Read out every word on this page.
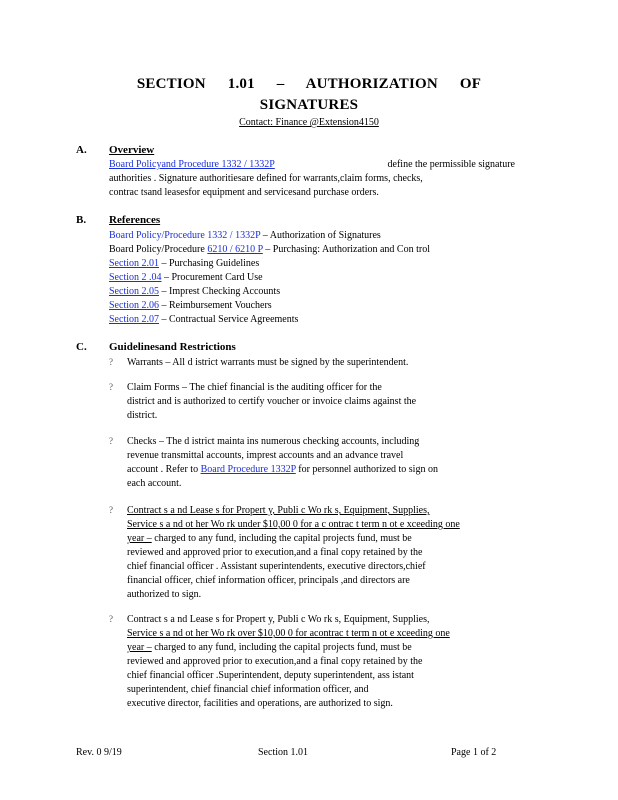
SECTION 1.01 – AUTHORIZATION OF
SIGNATURES
Contact: Finance @Extension4150
A. Overview
Board Policyand Procedure 1332 / 1332P	define the permissible signature
authorities . Signature authoritiesare defined for warrants,claim forms, checks,
contrac tsand leasesfor equipment and servicesand purchase orders.
B. References
Board Policy/Procedure 1332 / 1332P – Authorization of Signatures
Board Policy/Procedure 6210 / 6210 P – Purchasing: Authorization and Con trol
Section 2.01 – Purchasing Guidelines
Section 2 .04 – Procurement Card Use
Section 2.05 – Imprest Checking Accounts
Section 2.06 – Reimbursement Vouchers
Section 2.07 – Contractual Service Agreements
C. Guidelinesand Restrictions
? Warrants – All d istrict warrants must be signed by the superintendent.
? Claim Forms – The chief financial is the auditing officer for the
district and is authorized to certify voucher or invoice claims against the
district.
? Checks – The d istrict mainta ins numerous checking accounts, including
revenue transmittal accounts, imprest accounts and an advance travel
account . Refer to Board Procedure 1332P for personnel authorized to sign on
each account.
? Contract s a nd Lease s for Propert y, Publi c Wo rk s, Equipment, Supplies,
Service s a nd ot her Wo rk under $10,00 0 for a c ontrac t term n ot e xceeding one
year – charged to any fund, including the capital projects fund, must be
reviewed and approved prior to execution,and a final copy retained by the
chief financial officer . Assistant superintendents, executive directors,chief
financial officer, chief information officer, principals ,and directors are
authorized to sign.
? Contract s a nd Lease s for Propert y, Publi c Wo rk s, Equipment, Supplies,
Service s a nd ot her Wo rk over $10,00 0 for acontrac t term n ot e xceeding one
year – charged to any fund, including the capital projects fund, must be
reviewed and approved prior to execution,and a final copy retained by the
chief financial officer .Superintendent, deputy superintendent, ass istant
superintendent, chief financial chief information officer, and
executive director, facilities and operations, are authorized to sign.
Rev. 0 9/19	Section 1.01	Page 1 of 2
